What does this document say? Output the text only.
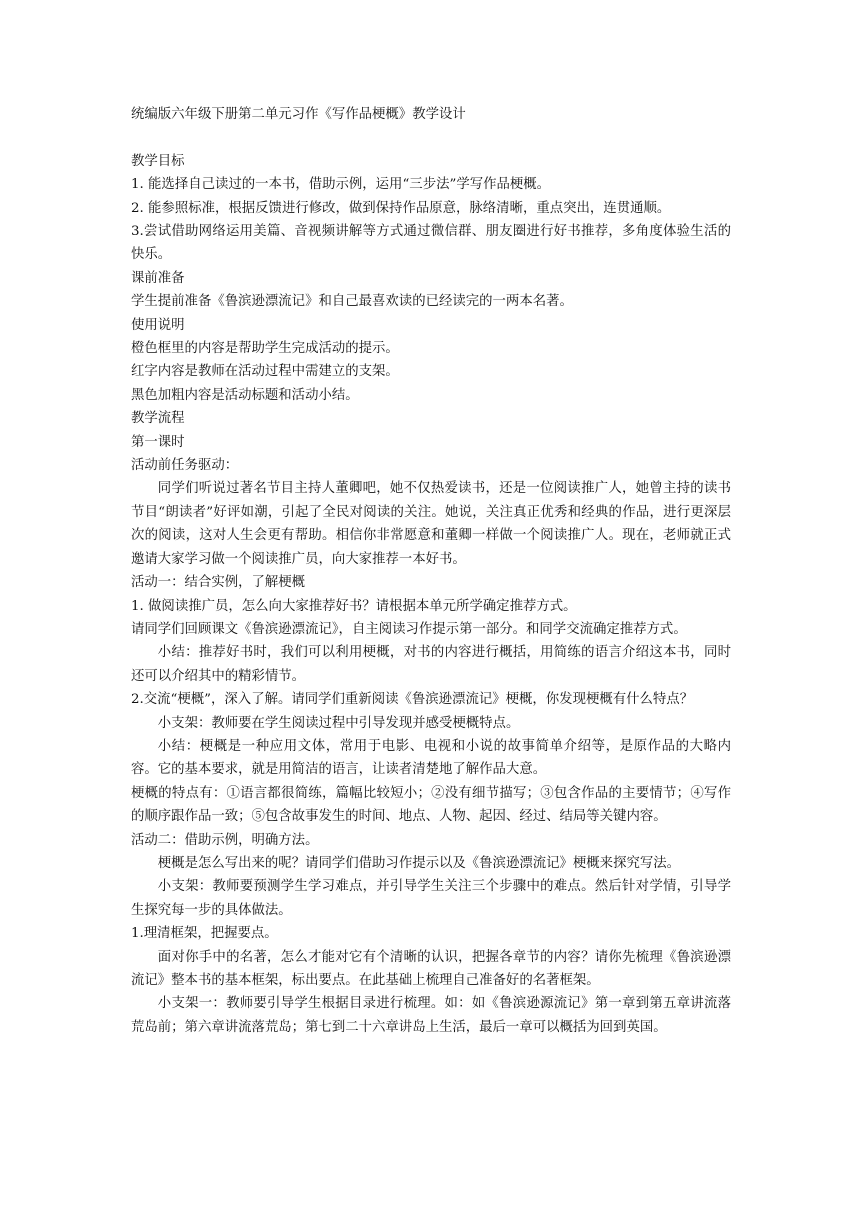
统编版六年级下册第二单元习作《写作品梗概》教学设计

教学目标

1. 能选择自己读过的一本书，借助示例，运用“三步法”学写作品梗概。

2. 能参照标准，根据反馈进行修改，做到保持作品原意，脉络清晰，重点突出，连贯通顺。

3.尝试借助网络运用美篇、音视频讲解等方式通过微信群、朋友圈进行好书推荐，多角度体验生活的快乐。

课前准备

学生提前准备《鲁滨逊漂流记》和自己最喜欢读的已经读完的一两本名著。

使用说明

橙色框里的内容是帮助学生完成活动的提示。

红字内容是教师在活动过程中需建立的支架。

黑色加粗内容是活动标题和活动小结。

教学流程

第一课时

活动前任务驱动：

同学们听说过著名节目主持人董卿吧，她不仅热爱读书，还是一位阅读推广人，她曾主持的读书节目“朗读者”好评如潮，引起了全民对阅读的关注。她说，关注真正优秀和经典的作品，进行更深层次的阅读，这对人生会更有帮助。相信你非常愿意和董卿一样做一个阅读推广人。现在，老师就正式邀请大家学习做一个阅读推广员，向大家推荐一本好书。

活动一：结合实例，了解梗概

1. 做阅读推广员，怎么向大家推荐好书？请根据本单元所学确定推荐方式。

请同学们回顾课文《鲁滨逊漂流记》，自主阅读习作提示第一部分。和同学交流确定推荐方式。

小结：推荐好书时，我们可以利用梗概，对书的内容进行概括，用简练的语言介绍这本书，同时还可以介绍其中的精彩情节。

2.交流“梗概”，深入了解。请同学们重新阅读《鲁滨逊漂流记》梗概，你发现梗概有什么特点？

小支架：教师要在学生阅读过程中引导发现并感受梗概特点。

小结：梗概是一种应用文体，常用于电影、电视和小说的故事简单介绍等，是原作品的大略内容。它的基本要求，就是用简洁的语言，让读者清楚地了解作品大意。

梗概的特点有：①语言都很简练，篇幅比较短小；②没有细节描写；③包含作品的主要情节；④写作的顺序跟作品一致；⑤包含故事发生的时间、地点、人物、起因、经过、结局等关键内容。

活动二：借助示例，明确方法。

梗概是怎么写出来的呢？请同学们借助习作提示以及《鲁滨逊漂流记》梗概来探究写法。

小支架：教师要预测学生学习难点，并引导学生关注三个步骤中的难点。然后针对学情，引导学生探究每一步的具体做法。

1.理清框架，把握要点。

面对你手中的名著，怎么才能对它有个清晰的认识，把握各章节的内容？请你先梳理《鲁滨逊漂流记》整本书的基本框架，标出要点。在此基础上梳理自己准备好的名著框架。

小支架一：教师要引导学生根据目录进行梳理。如：如《鲁滨逊源流记》第一章到第五章讲流落荒岛前；第六章讲流落荒岛；第七到二十六章讲岛上生活，最后一章可以概括为回到英国。
